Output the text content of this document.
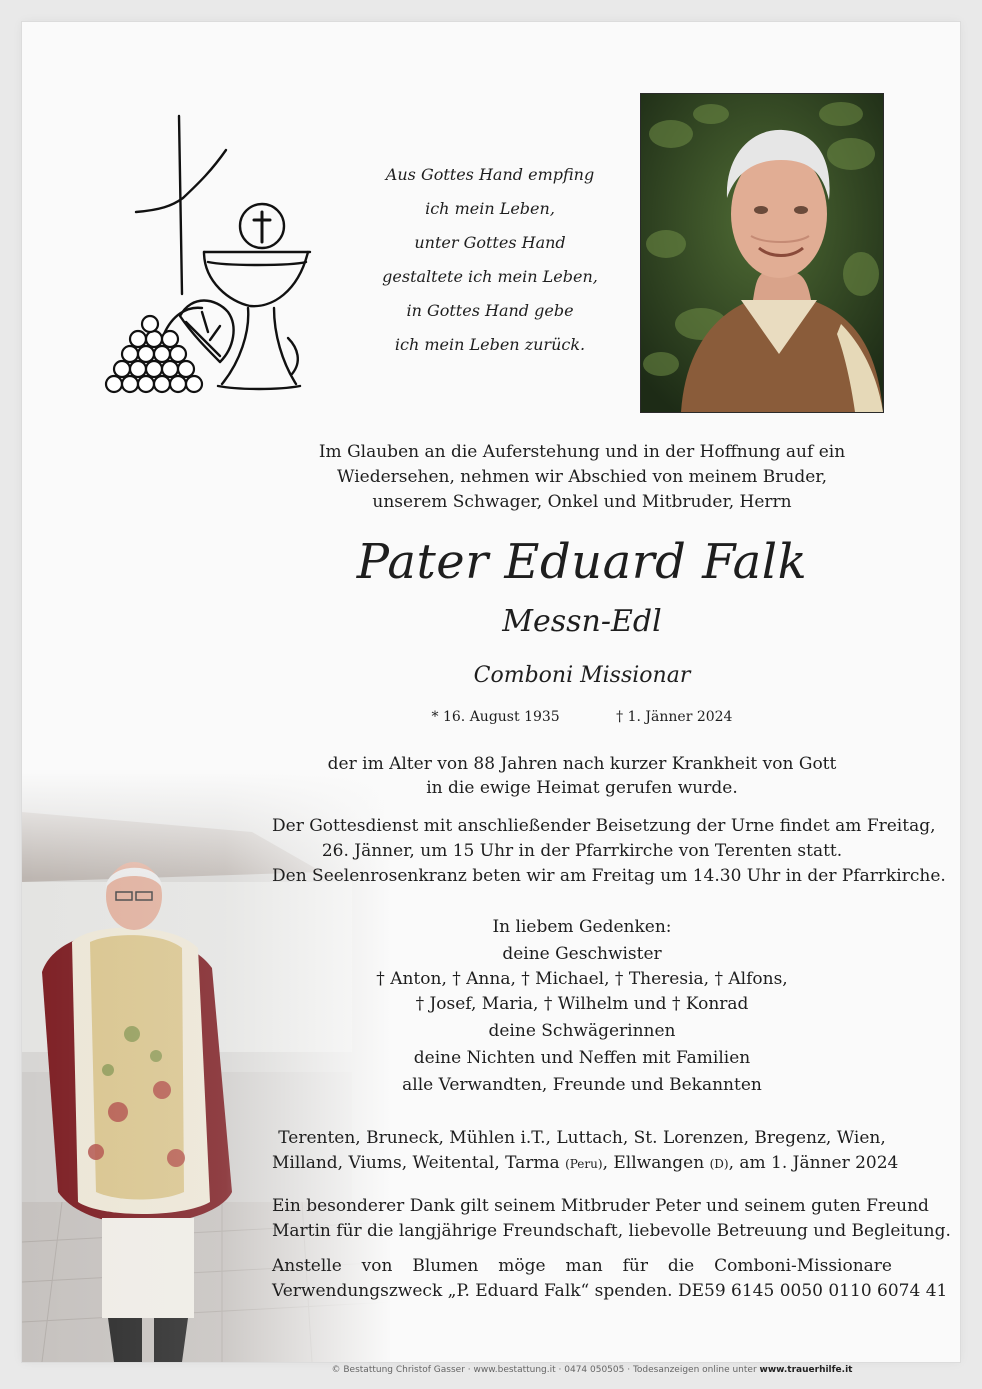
Aus Gottes Hand empfing
ich mein Leben,
unter Gottes Hand
gestaltete ich mein Leben,
in Gottes Hand gebe
ich mein Leben zurück.
Im Glauben an die Auferstehung und in der Hoffnung auf ein
Wiedersehen, nehmen wir Abschied von meinem Bruder,
unserem Schwager, Onkel und Mitbruder, Herrn
Pater Eduard Falk
Messn-Edl
Comboni Missionar
* 16. August 1935	† 1. Jänner 2024
der im Alter von 88 Jahren nach kurzer Krankheit von Gott
in die ewige Heimat gerufen wurde.
Der Gottesdienst mit anschließender Beisetzung der Urne findet am Freitag,
26. Jänner, um 15 Uhr in der Pfarrkirche von Terenten statt.
Den Seelenrosenkranz beten wir am Freitag um 14.30 Uhr in der Pfarrkirche.
In liebem Gedenken:
deine Geschwister
† Anton, † Anna, † Michael, † Theresia, † Alfons,
† Josef, Maria, † Wilhelm und † Konrad
deine Schwägerinnen
deine Nichten und Neffen mit Familien
alle Verwandten, Freunde und Bekannten
Terenten, Bruneck, Mühlen i.T., Luttach, St. Lorenzen, Bregenz, Wien,
Milland, Viums, Weitental, Tarma (Peru), Ellwangen (D), am 1. Jänner 2024
Ein besonderer Dank gilt seinem Mitbruder Peter und seinem guten Freund
Martin für die langjährige Freundschaft, liebevolle Betreuung und Begleitung.
Anstelle von Blumen möge man für die Comboni-Missionare
Verwendungszweck „P. Eduard Falk“ spenden. DE59 6145 0050 0110 6074 41
© Bestattung Christof Gasser · www.bestattung.it · 0474 050505 · Todesanzeigen online unter www.trauerhilfe.it
